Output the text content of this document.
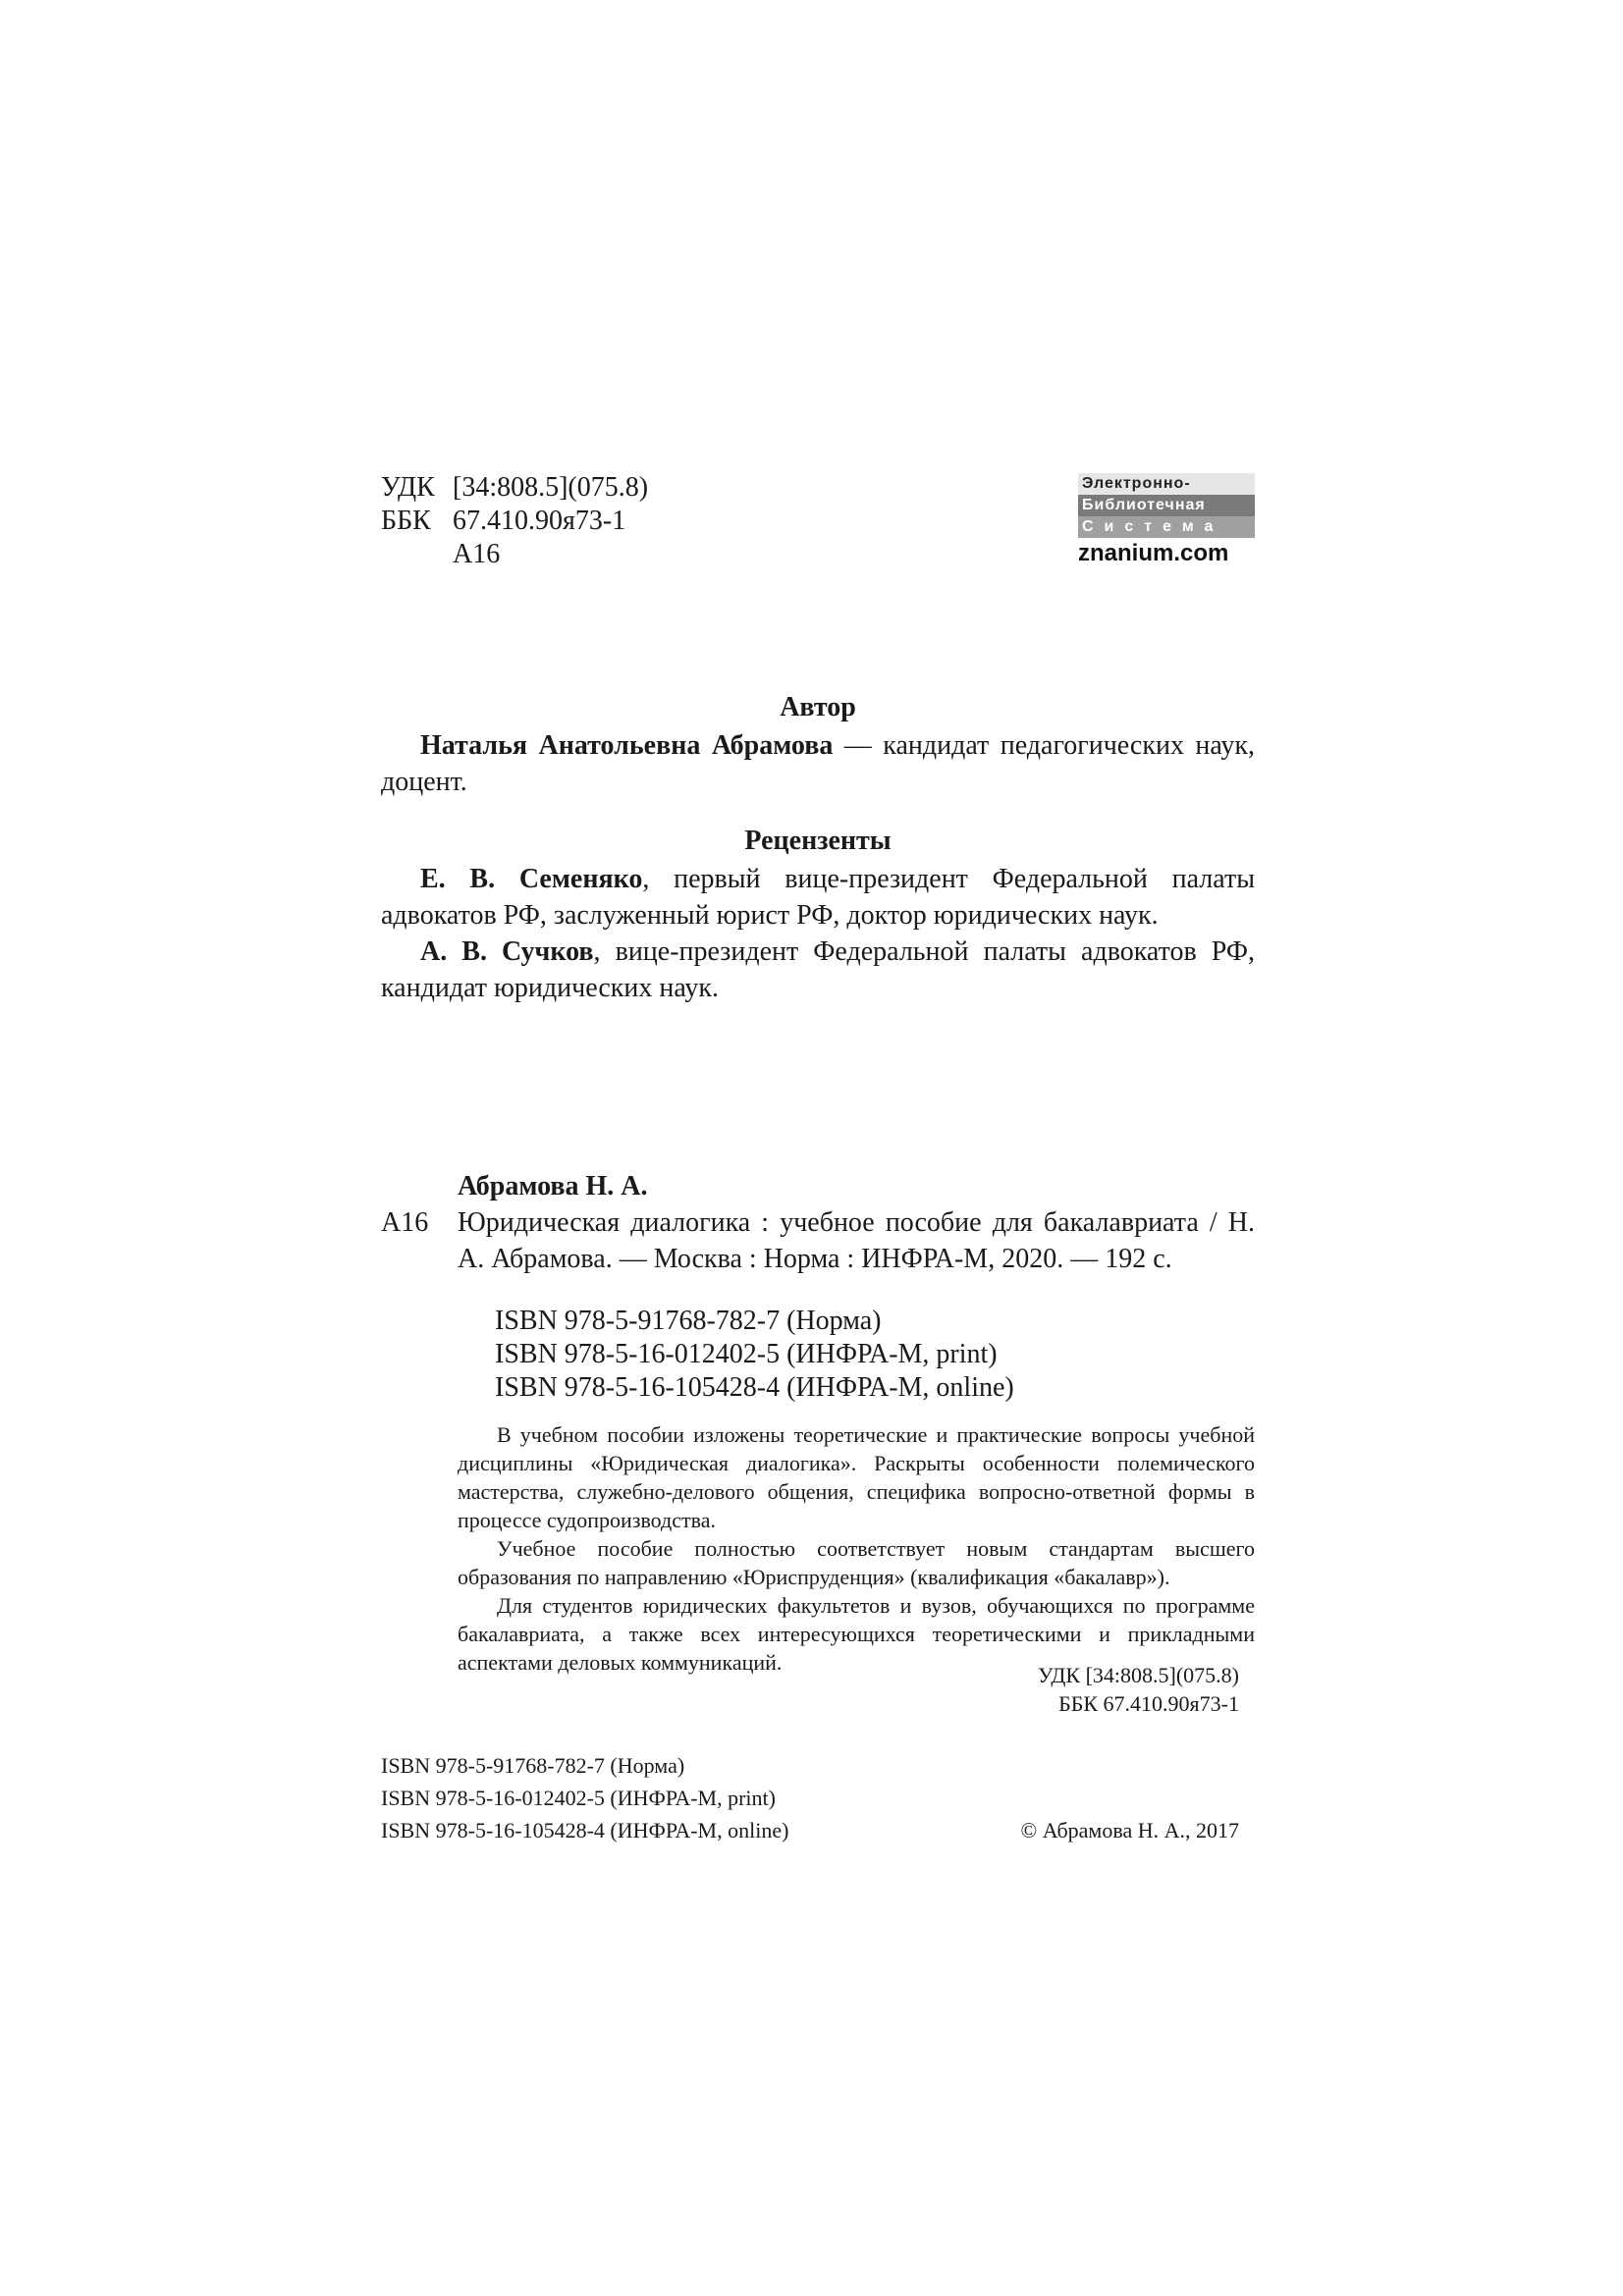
УДК [34:808.5](075.8)
ББК 67.410.90я73-1
А16
Электронно-
Библиотечная
Система
znanium.com
Автор
Наталья Анатольевна Абрамова — кандидат педагогических наук, доцент.
Рецензенты
Е. В. Семеняко, первый вице-президент Федеральной палаты адвокатов РФ, заслуженный юрист РФ, доктор юридических наук.
А. В. Сучков, вице-президент Федеральной палаты адвокатов РФ, кандидат юридических наук.
Абрамова Н. А.
А16 Юридическая диалогика : учебное пособие для бакалавриата / Н. А. Абрамова. — Москва : Норма : ИНФРА-М, 2020. — 192 с.
ISBN 978-5-91768-782-7 (Норма)
ISBN 978-5-16-012402-5 (ИНФРА-М, print)
ISBN 978-5-16-105428-4 (ИНФРА-М, online)

В учебном пособии изложены теоретические и практические вопросы учебной дисциплины «Юридическая диалогика». Раскрыты особенности полемического мастерства, служебно-делового общения, специфика вопросно-ответной формы в процессе судопроизводства.

Учебное пособие полностью соответствует новым стандартам высшего образования по направлению «Юриспруденция» (квалификация «бакалавр»).

Для студентов юридических факультетов и вузов, обучающихся по программе бакалавриата, а также всех интересующихся теоретическими и прикладными аспектами деловых коммуникаций.

УДК [34:808.5](075.8)
ББК 67.410.90я73-1
ISBN 978-5-91768-782-7 (Норма)
ISBN 978-5-16-012402-5 (ИНФРА-М, print)
ISBN 978-5-16-105428-4 (ИНФРА-М, online)	© Абрамова Н. А., 2017
